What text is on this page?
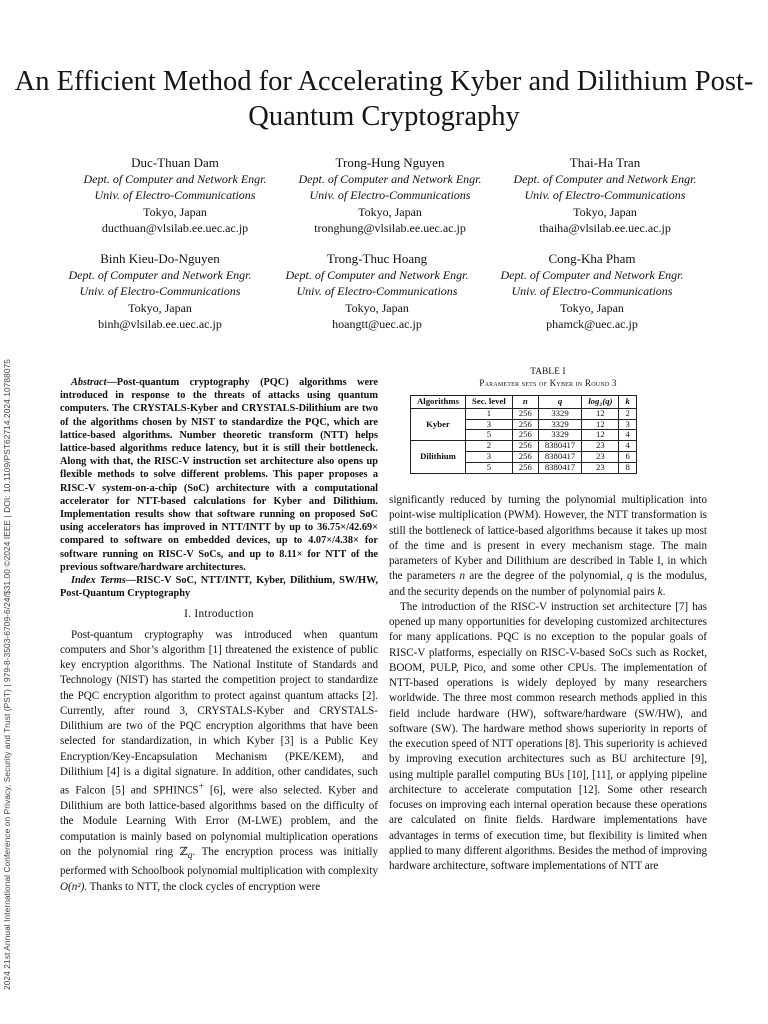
2024 21st Annual International Conference on Privacy, Security and Trust (PST) | 979-8-3503-6709-6/24/$31.00 ©2024 IEEE | DOI: 10.1109/PST62714.2024.10788075
An Efficient Method for Accelerating Kyber and Dilithium Post-Quantum Cryptography
Duc-Thuan Dam
Dept. of Computer and Network Engr.
Univ. of Electro-Communications
Tokyo, Japan
ducthuan@vlsilab.ee.uec.ac.jp
Trong-Hung Nguyen
Dept. of Computer and Network Engr.
Univ. of Electro-Communications
Tokyo, Japan
tronghung@vlsilab.ee.uec.ac.jp
Thai-Ha Tran
Dept. of Computer and Network Engr.
Univ. of Electro-Communications
Tokyo, Japan
thaiha@vlsilab.ee.uec.ac.jp
Binh Kieu-Do-Nguyen
Dept. of Computer and Network Engr.
Univ. of Electro-Communications
Tokyo, Japan
binh@vlsilab.ee.uec.ac.jp
Trong-Thuc Hoang
Dept. of Computer and Network Engr.
Univ. of Electro-Communications
Tokyo, Japan
hoangtt@uec.ac.jp
Cong-Kha Pham
Dept. of Computer and Network Engr.
Univ. of Electro-Communications
Tokyo, Japan
phamck@uec.ac.jp

Abstract—Post-quantum cryptography (PQC) algorithms were introduced in response to the threats of attacks using quantum computers. The CRYSTALS-Kyber and CRYSTALS-Dilithium are two of the algorithms chosen by NIST to standardize the PQC, which are lattice-based algorithms. Number theoretic transform (NTT) helps lattice-based algorithms reduce latency, but it is still their bottleneck. Along with that, the RISC-V instruction set architecture also opens up flexible methods to solve different problems. This paper proposes a RISC-V system-on-a-chip (SoC) architecture with a computational accelerator for NTT-based calculations for Kyber and Dilithium. Implementation results show that software running on proposed SoC using accelerators has improved in NTT/INTT by up to 36.75×/42.69× compared to software on embedded devices, up to 4.07×/4.38× for software running on RISC-V SoCs, and up to 8.11× for NTT of the previous software/hardware architectures.

Index Terms—RISC-V SoC, NTT/INTT, Kyber, Dilithium, SW/HW, Post-Quantum Cryptography

I. Introduction

Post-quantum cryptography was introduced when quantum computers and Shor’s algorithm [1] threatened the existence of public key encryption algorithms. The National Institute of Standards and Technology (NIST) has started the competition project to standardize the PQC encryption algorithm to protect against quantum attacks [2]. Currently, after round 3, CRYSTALS-Kyber and CRYSTALS-Dilithium are two of the PQC encryption algorithms that have been selected for standardization, in which Kyber [3] is a Public Key Encryption/Key-Encapsulation Mechanism (PKE/KEM), and Dilithium [4] is a digital signature. In addition, other candidates, such as Falcon [5] and SPHINCS+ [6], were also selected. Kyber and Dilithium are both lattice-based algorithms based on the difficulty of the Module Learning With Error (M-LWE) problem, and the computation is mainly based on polynomial multiplication operations on the polynomial ring ℤ$_q$. The encryption process was initially performed with Schoolbook polynomial multiplication with complexity O(n²). Thanks to NTT, the clock cycles of encryption were

TABLE I
Parameter sets of Kyber in Round 3
Algorithms	Sec. level	n	q	log₂(q)	k
Kyber	1	256	3329	12	2
	3	256	3329	12	3
	5	256	3329	12	4
Dilithium	2	256	8380417	23	4
	3	256	8380417	23	6
	5	256	8380417	23	8

significantly reduced by turning the polynomial multiplication into point-wise multiplication (PWM). However, the NTT transformation is still the bottleneck of lattice-based algorithms because it takes up most of the time and is present in every mechanism stage. The main parameters of Kyber and Dilithium are described in Table I, in which the parameters n are the degree of the polynomial, q is the modulus, and the security depends on the number of polynomial pairs k.

The introduction of the RISC-V instruction set architecture [7] has opened up many opportunities for developing customized architectures for many applications. PQC is no exception to the popular goals of RISC-V platforms, especially on RISC-V-based SoCs such as Rocket, BOOM, PULP, Pico, and some other CPUs. The implementation of NTT-based operations is widely deployed by many researchers worldwide. The three most common research methods applied in this field include hardware (HW), software/hardware (SW/HW), and software (SW). The hardware method shows superiority in reports of the execution speed of NTT operations [8]. This superiority is achieved by improving execution architectures such as BU architecture [9], using multiple parallel computing BUs [10], [11], or applying pipeline architecture to accelerate computation [12]. Some other research focuses on improving each internal operation because these operations are calculated on finite fields. Hardware implementations have advantages in terms of execution time, but flexibility is limited when applied to many different algorithms. Besides the method of improving hardware architecture, software implementations of NTT are
